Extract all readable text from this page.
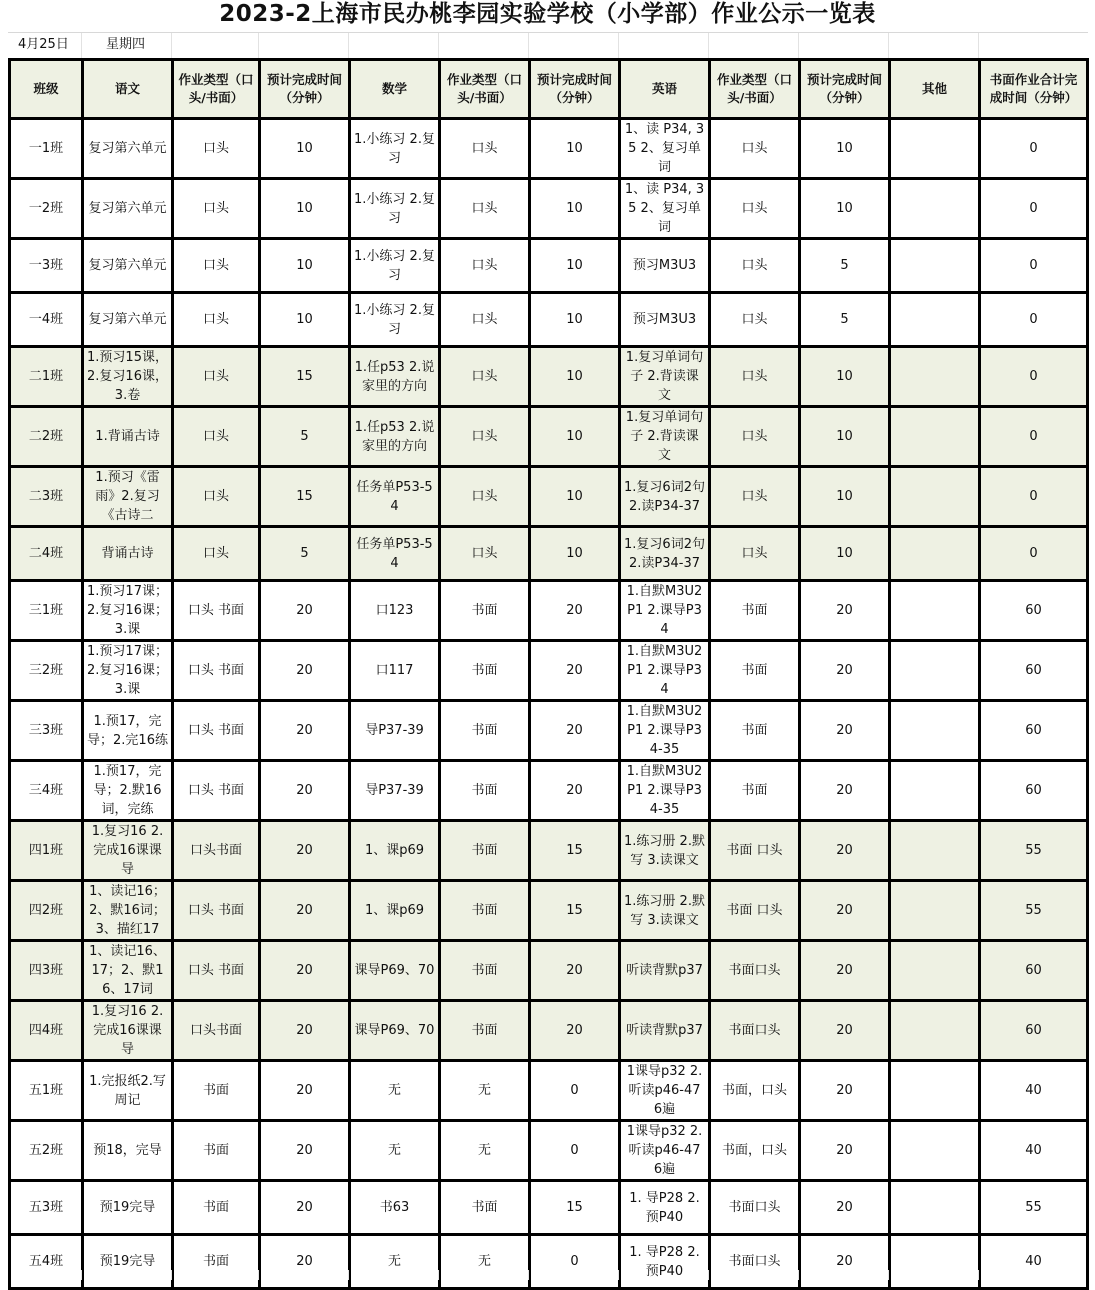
2023-2上海市民办桃李园实验学校（小学部）作业公示一览表
4月25日	星期四
班级	语文	作业类型（口头/书面）	预计完成时间（分钟）	数学	作业类型（口头/书面）	预计完成时间（分钟）	英语	作业类型（口头/书面）	预计完成时间（分钟）	其他	书面作业合计完成时间（分钟）

一1班	复习第六单元	口头	10	1.小练习 2.复习	口头	10	1、读 P34, 35 2、复习单词	口头	10		0

一2班	复习第六单元	口头	10	1.小练习 2.复习	口头	10	1、读 P34, 35 2、复习单词	口头	10		0

一3班	复习第六单元	口头	10	1.小练习 2.复习	口头	10	预习M3U3	口头	5		0

一4班	复习第六单元	口头	10	1.小练习 2.复习	口头	10	预习M3U3	口头	5		0

二1班	1.预习15课，2.复习16课，3.卷	口头	15	1.任p53 2.说家里的方向	口头	10	1.复习单词句子 2.背读课文	口头	10		0

二2班	1.背诵古诗	口头	5	1.任p53 2.说家里的方向	口头	10	1.复习单词句子 2.背读课文	口头	10		0

二3班	1.预习《雷雨》2.复习《古诗二	口头	15	任务单P53-54	口头	10	1.复习6词2句 2.读P34-37	口头	10		0

二4班	背诵古诗	口头	5	任务单P53-54	口头	10	1.复习6词2句 2.读P34-37	口头	10		0

三1班	1.预习17课；2.复习16课；3.课	口头 书面	20	口123	书面	20	1.自默M3U2P1 2.课导P34	书面	20		60

三2班	1.预习17课；2.复习16课；3.课	口头 书面	20	口117	书面	20	1.自默M3U2P1 2.课导P34	书面	20		60

三3班	1.预17，完导；2.完16练	口头 书面	20	导P37-39	书面	20	1.自默M3U2P1 2.课导P34-35	书面	20		60

三4班	1.预17，完导；2.默16词，完练	口头 书面	20	导P37-39	书面	20	1.自默M3U2P1 2.课导P34-35	书面	20		60

四1班	1.复习16 2.完成16课课导	口头书面	20	1、课p69	书面	15	1.练习册 2.默写 3.读课文	书面 口头	20		55

四2班	1、读记16；2、默16词；3、描红17	口头 书面	20	1、课p69	书面	15	1.练习册 2.默写 3.读课文	书面 口头	20		55

四3班	1、读记16、17；2、默16、17词	口头 书面	20	课导P69、70	书面	20	听读背默p37	书面口头	20		60

四4班	1.复习16 2.完成16课课导	口头书面	20	课导P69、70	书面	20	听读背默p37	书面口头	20		60

五1班	1.完报纸2.写周记	书面	20	无	无	0	1课导p32 2.听读p46-47 6遍	书面，口头	20		40

五2班	预18，完导	书面	20	无	无	0	1课导p32 2.听读p46-47 6遍	书面，口头	20		40

五3班	预19完导	书面	20	书63	书面	15	1. 导P28 2.预P40	书面口头	20		55

五4班	预19完导	书面	20	无	无	0	1. 导P28 2.预P40	书面口头	20		40
